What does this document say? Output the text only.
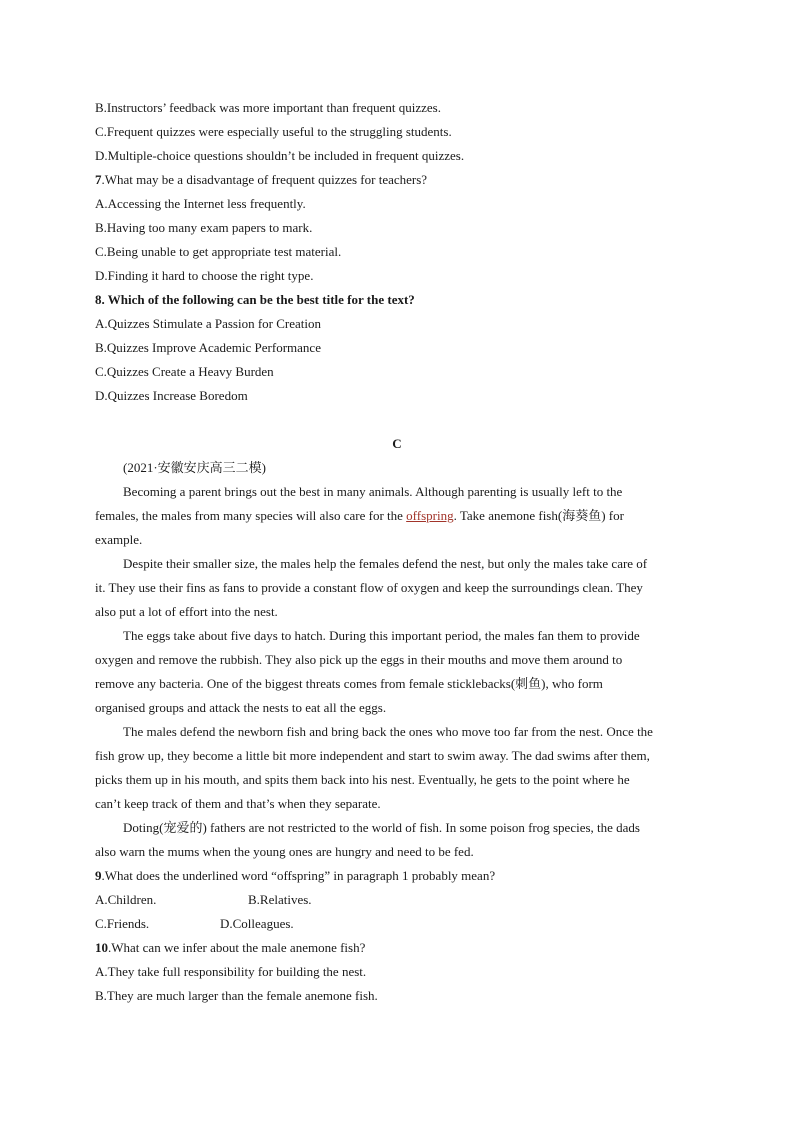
B.Instructors’ feedback was more important than frequent quizzes.
C.Frequent quizzes were especially useful to the struggling students.
D.Multiple-choice questions shouldn’t be included in frequent quizzes.
7.What may be a disadvantage of frequent quizzes for teachers?
A.Accessing the Internet less frequently.
B.Having too many exam papers to mark.
C.Being unable to get appropriate test material.
D.Finding it hard to choose the right type.
8. Which of the following can be the best title for the text?
A.Quizzes Stimulate a Passion for Creation
B.Quizzes Improve Academic Performance
C.Quizzes Create a Heavy Burden
D.Quizzes Increase Boredom
C
(2021·安徽安庆高三二模)
Becoming a parent brings out the best in many animals. Although parenting is usually left to the
females, the males from many species will also care for the offspring. Take anemone fish(海葵鱼) for
example.
Despite their smaller size, the males help the females defend the nest, but only the males take care of
it. They use their fins as fans to provide a constant flow of oxygen and keep the surroundings clean. They
also put a lot of effort into the nest.
The eggs take about five days to hatch. During this important period, the males fan them to provide
oxygen and remove the rubbish. They also pick up the eggs in their mouths and move them around to
remove any bacteria. One of the biggest threats comes from female sticklebacks(刺鱼), who form
organised groups and attack the nests to eat all the eggs.
The males defend the newborn fish and bring back the ones who move too far from the nest. Once the
fish grow up, they become a little bit more independent and start to swim away. The dad swims after them,
picks them up in his mouth, and spits them back into his nest. Eventually, he gets to the point where he
can’t keep track of them and that’s when they separate.
Doting(宠爱的) fathers are not restricted to the world of fish. In some poison frog species, the dads
also warn the mums when the young ones are hungry and need to be fed.
9.What does the underlined word “offspring” in paragraph 1 probably mean?
A.Children.	B.Relatives.
C.Friends.	D.Colleagues.
10.What can we infer about the male anemone fish?
A.They take full responsibility for building the nest.
B.They are much larger than the female anemone fish.
